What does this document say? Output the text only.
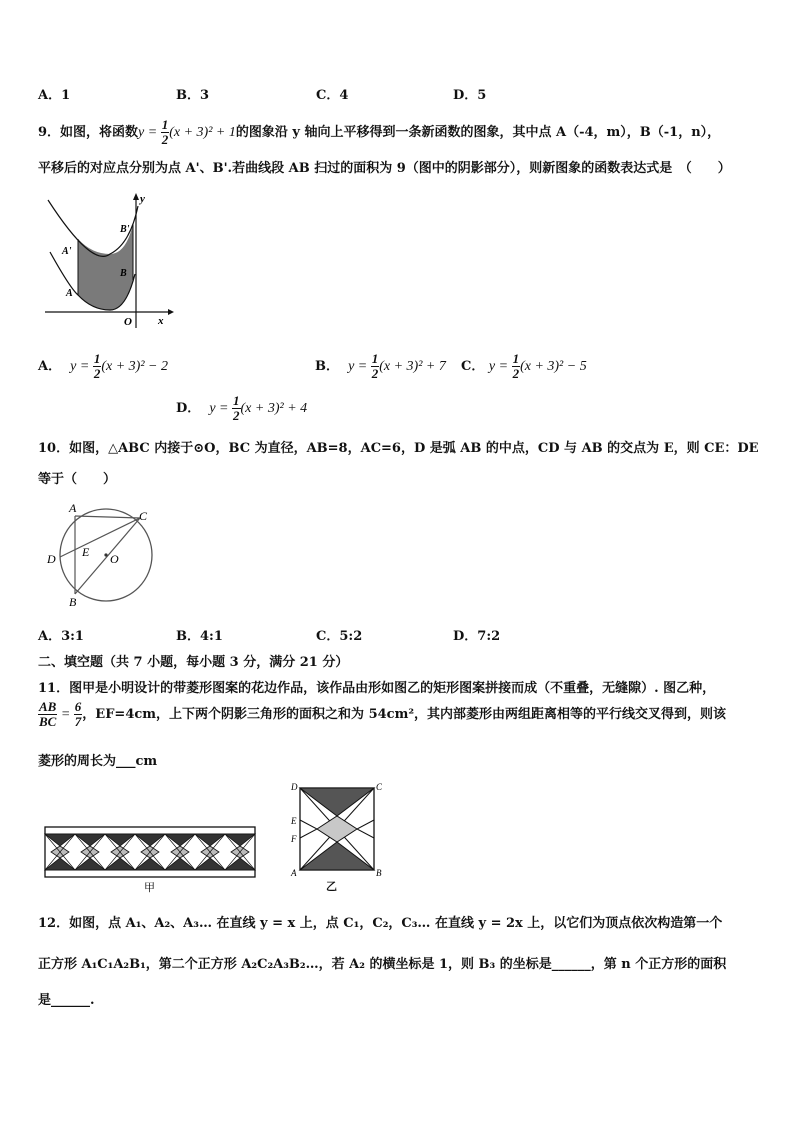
A．1	B．3	C．4	D．5
9．如图，将函数$y = \frac{1}{2} (x + 3)^2 + 1$的图象沿 y 轴向上平移得到一条新函数的图象，其中点 A（-4，m），B（-1，n），
平移后的对应点分别为点 A'、B'.若曲线段 AB 扫过的面积为 9（图中的阴影部分），则新图象的函数表达式是　（　　）
y
x
O
A
A'
B
B'
A． $y = \frac{1}{2} (x + 3)^2 - 2$	B． $y = \frac{1}{2} (x + 3)^2 + 7$ C． $y = \frac{1}{2} (x + 3)^2 - 5$
D． $y = \frac{1}{2} (x + 3)^2 + 4$
10．如图，△ABC 内接于⊙O，BC 为直径，AB=8，AC=6，D 是弧 AB 的中点，CD 与 AB 的交点为 E，则 CE：DE
等于（　　）
A
B
C
D E O
A．3:1	B．4:1	C．5:2	D．7:2
二、填空题（共 7 小题，每小题 3 分，满分 21 分）
11．图甲是小明设计的带菱形图案的花边作品，该作品由形如图乙的矩形图案拼接而成（不重叠，无缝隙）. 图乙种，
$\frac{AB}{BC} = \frac{6}{7}$ ，EF=4cm，上下两个阴影三角形的面积之和为 54cm²，其内部菱形由两组距离相等的平行线交叉得到，则该
菱形的周长为___cm
甲
D	C
E
F
A	B
乙
12．如图，点 A₁、A₂、A₃… 在直线 y = x 上，点 C₁，C₂，C₃… 在直线 y = 2x 上，以它们为顶点依次构造第一个
正方形 A₁C₁A₂B₁，第二个正方形 A₂C₂A₃B₂…，若 A₂ 的横坐标是 1，则 B₃ 的坐标是______，第 n 个正方形的面积
是______.
